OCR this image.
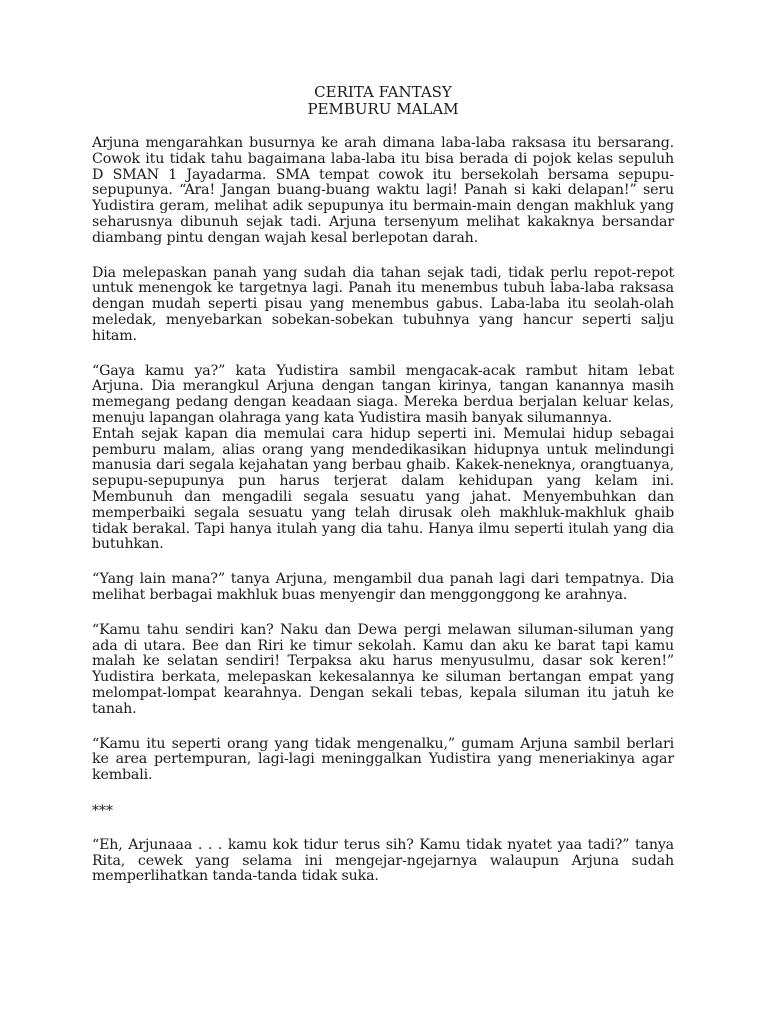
CERITA FANTASY

PEMBURU MALAM

Arjuna mengarahkan busurnya ke arah dimana laba-laba raksasa itu bersarang. Cowok itu tidak tahu bagaimana laba-laba itu bisa berada di pojok kelas sepuluh D SMAN 1 Jayadarma. SMA tempat cowok itu bersekolah bersama sepupu-sepupunya. “Ara! Jangan buang-buang waktu lagi! Panah si kaki delapan!” seru Yudistira geram, melihat adik sepupunya itu bermain-main dengan makhluk yang seharusnya dibunuh sejak tadi. Arjuna tersenyum melihat kakaknya bersandar diambang pintu dengan wajah kesal berlepotan darah.

Dia melepaskan panah yang sudah dia tahan sejak tadi, tidak perlu repot-repot untuk menengok ke targetnya lagi. Panah itu menembus tubuh laba-laba raksasa dengan mudah seperti pisau yang menembus gabus. Laba-laba itu seolah-olah meledak, menyebarkan sobekan-sobekan tubuhnya yang hancur seperti salju hitam.

“Gaya kamu ya?” kata Yudistira sambil mengacak-acak rambut hitam lebat Arjuna. Dia merangkul Arjuna dengan tangan kirinya, tangan kanannya masih memegang pedang dengan keadaan siaga. Mereka berdua berjalan keluar kelas, menuju lapangan olahraga yang kata Yudistira masih banyak silumannya.

Entah sejak kapan dia memulai cara hidup seperti ini. Memulai hidup sebagai pemburu malam, alias orang yang mendedikasikan hidupnya untuk melindungi manusia dari segala kejahatan yang berbau ghaib. Kakek-neneknya, orangtuanya, sepupu-sepupunya pun harus terjerat dalam kehidupan yang kelam ini. Membunuh dan mengadili segala sesuatu yang jahat. Menyembuhkan dan memperbaiki segala sesuatu yang telah dirusak oleh makhluk-makhluk ghaib tidak berakal. Tapi hanya itulah yang dia tahu. Hanya ilmu seperti itulah yang dia butuhkan.

“Yang lain mana?” tanya Arjuna, mengambil dua panah lagi dari tempatnya. Dia melihat berbagai makhluk buas menyengir dan menggonggong ke arahnya.

“Kamu tahu sendiri kan? Naku dan Dewa pergi melawan siluman-siluman yang ada di utara. Bee dan Riri ke timur sekolah. Kamu dan aku ke barat tapi kamu malah ke selatan sendiri! Terpaksa aku harus menyusulmu, dasar sok keren!” Yudistira berkata, melepaskan kekesalannya ke siluman bertangan empat yang melompat-lompat kearahnya. Dengan sekali tebas, kepala siluman itu jatuh ke tanah.

“Kamu itu seperti orang yang tidak mengenalku,” gumam Arjuna sambil berlari ke area pertempuran, lagi-lagi meninggalkan Yudistira yang meneriakinya agar kembali.

***

“Eh, Arjunaaa . . . kamu kok tidur terus sih? Kamu tidak nyatet yaa tadi?” tanya Rita, cewek yang selama ini mengejar-ngejarnya walaupun Arjuna sudah memperlihatkan tanda-tanda tidak suka.
